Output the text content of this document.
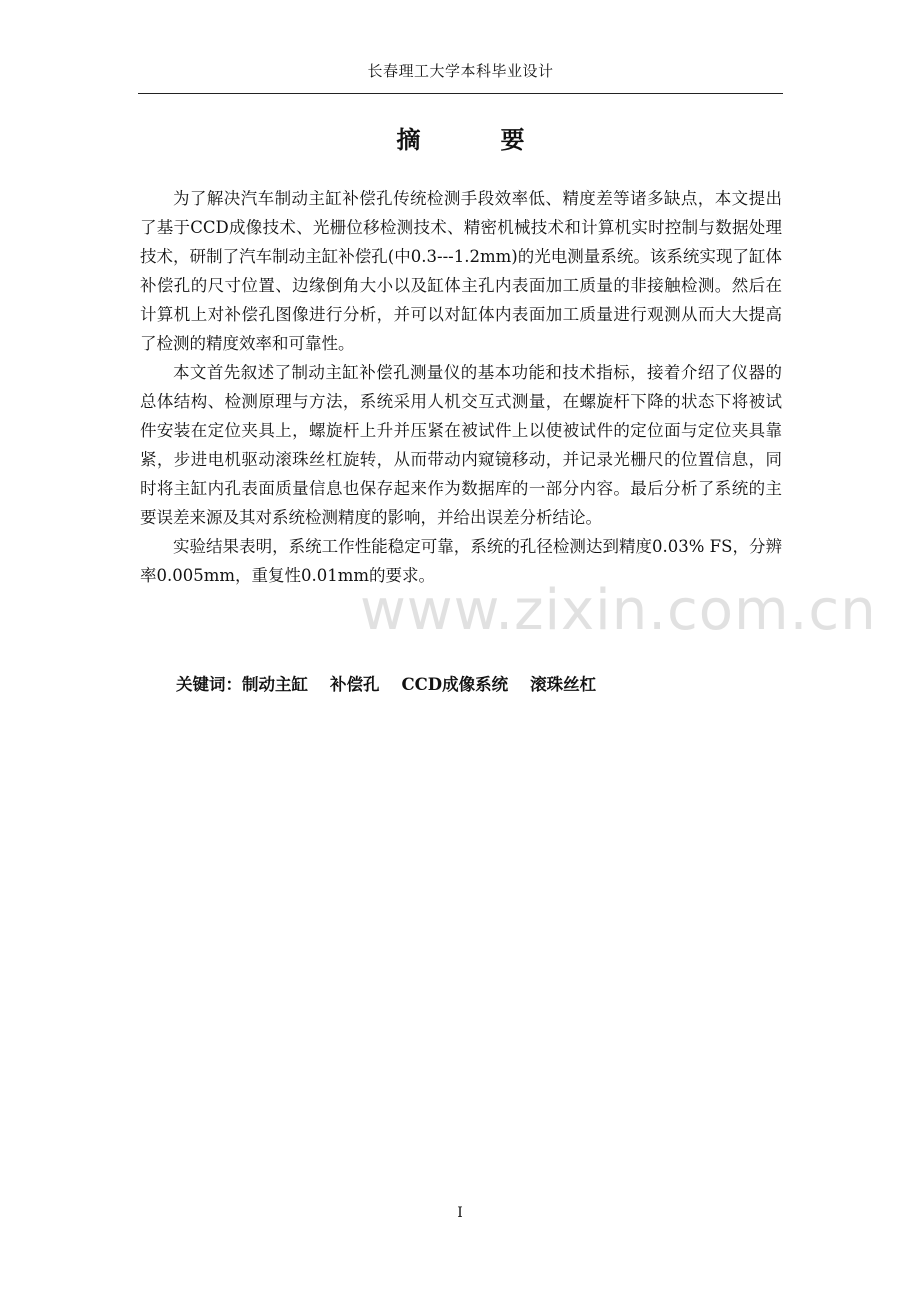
长春理工大学本科毕业设计
摘　要

为了解决汽车制动主缸补偿孔传统检测手段效率低、精度差等诸多缺点，本文提出了基于CCD成像技术、光栅位移检测技术、精密机械技术和计算机实时控制与数据处理技术，研制了汽车制动主缸补偿孔(中0.3---1.2mm)的光电测量系统。该系统实现了缸体补偿孔的尺寸位置、边缘倒角大小以及缸体主孔内表面加工质量的非接触检测。然后在计算机上对补偿孔图像进行分析，并可以对缸体内表面加工质量进行观测从而大大提高了检测的精度效率和可靠性。

本文首先叙述了制动主缸补偿孔测量仪的基本功能和技术指标，接着介绍了仪器的总体结构、检测原理与方法，系统采用人机交互式测量，在螺旋杆下降的状态下将被试件安装在定位夹具上，螺旋杆上升并压紧在被试件上以使被试件的定位面与定位夹具靠紧，步进电机驱动滚珠丝杠旋转，从而带动内窥镜移动，并记录光栅尺的位置信息，同时将主缸内孔表面质量信息也保存起来作为数据库的一部分内容。最后分析了系统的主要误差来源及其对系统检测精度的影响，并给出误差分析结论。

实验结果表明，系统工作性能稳定可靠，系统的孔径检测达到精度0.03% FS，分辨率0.005mm，重复性0.01mm的要求。

www.zixin.com.cn
关键词：制动主缸 补偿孔 CCD成像系统 滚珠丝杠
I
